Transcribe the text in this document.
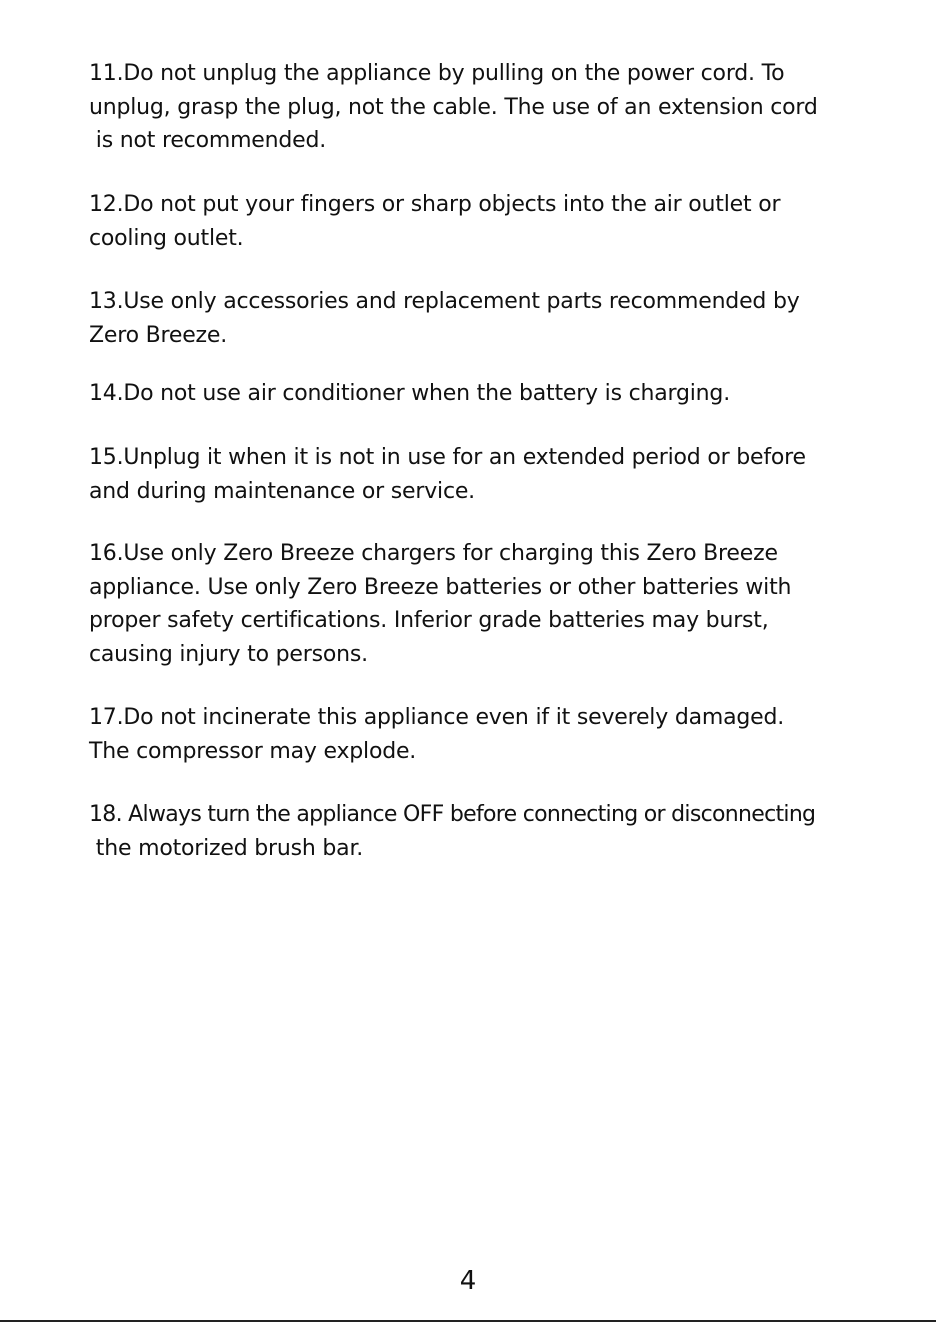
11.Do not unplug the appliance by pulling on the power cord. To
unplug, grasp the plug, not the cable. The use of an extension cord
is not recommended.
12.Do not put your fingers or sharp objects into the air outlet or
cooling outlet.
13.Use only accessories and replacement parts recommended by
Zero Breeze.
14.Do not use air conditioner when the battery is charging.
15.Unplug it when it is not in use for an extended period or before
and during maintenance or service.
16.Use only Zero Breeze chargers for charging this Zero Breeze
appliance. Use only Zero Breeze batteries or other batteries with
proper safety certifications. Inferior grade batteries may burst,
causing injury to persons.
17.Do not incinerate this appliance even if it severely damaged.
The compressor may explode.
18. Always turn the appliance OFF before connecting or disconnecting
the motorized brush bar.
4
